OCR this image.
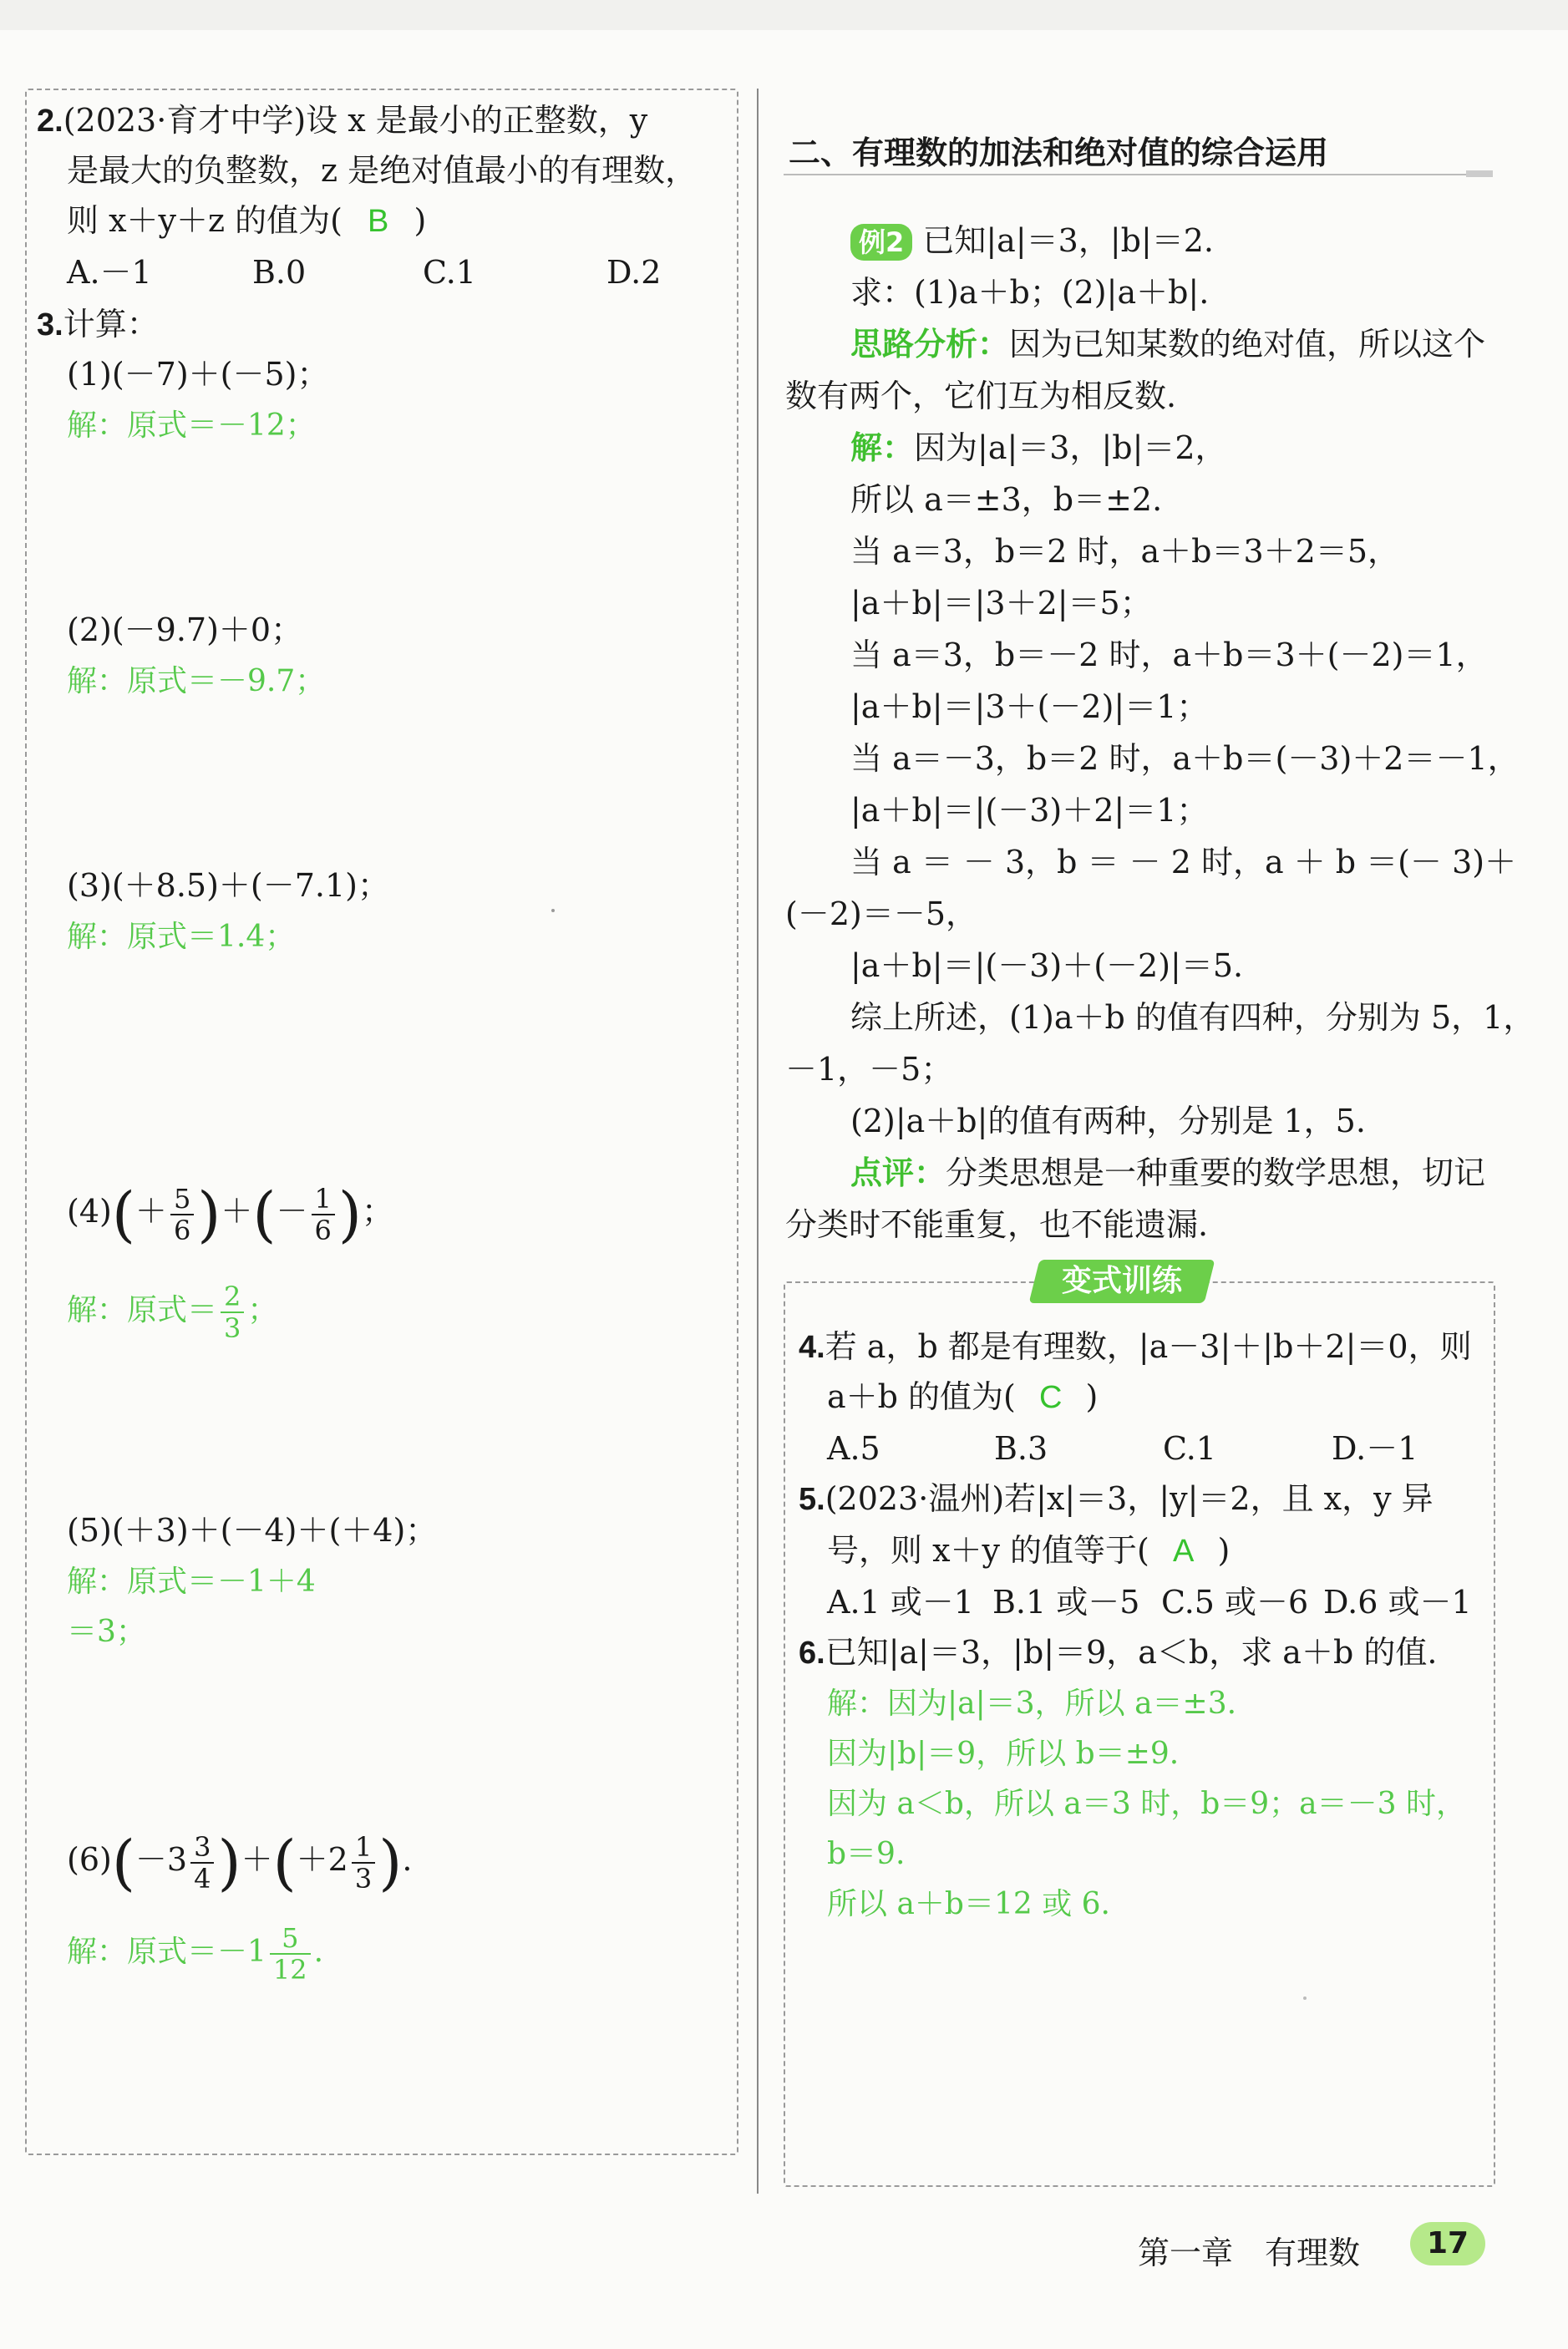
2.(2023·育才中学)设 x 是最小的正整数，y
是最大的负整数，z 是绝对值最小的有理数，
则 x＋y＋z 的值为( B )
A.－1	B.0	C.1	D.2
3.计算：
(1)(－7)＋(－5)；
解：原式＝－12；
(2)(－9.7)＋0；
解：原式＝－9.7；
(3)(＋8.5)＋(－7.1)；
解：原式＝1.4；
$(4)(+ \frac{5}{6}$ )＋(－ $\frac{1}{6}$ )；
解：原式＝ $\frac{2}{3}$ ；
(5)(＋3)＋(－4)＋(＋4)；
解：原式＝－1＋4
＝3；
$(6)(-3 \frac{3}{4} )+(+2 \frac{1}{3}$ ).
解：原式$=-1 \frac{5}{12}$ .
二、有理数的加法和绝对值的综合运用
例2 已知|a|＝3，|b|＝2.
求：(1)a＋b；(2)|a＋b|.
思路分析：因为已知某数的绝对值，所以这个
数有两个，它们互为相反数.
解：因为|a|＝3，|b|＝2，
所以 a＝±3，b＝±2.
当 a＝3，b＝2 时，a＋b＝3＋2＝5，
|a＋b|＝|3＋2|＝5；
当 a＝3，b＝－2 时，a＋b＝3＋(－2)＝1，
|a＋b|＝|3＋(－2)|＝1；
当 a＝－3，b＝2 时，a＋b＝(－3)＋2＝－1，
|a＋b|＝|(－3)＋2|＝1；
当 a ＝ － 3，b ＝ － 2 时，a ＋ b ＝(－ 3)＋
(－2)＝－5，
|a＋b|＝|(－3)＋(－2)|＝5.
综上所述，(1)a＋b 的值有四种，分别为 5，1，
－1，－5；
(2)|a＋b|的值有两种，分别是 1，5.
点评：分类思想是一种重要的数学思想，切记
分类时不能重复，也不能遗漏.
变式训练
4.若 a，b 都是有理数，|a－3|＋|b＋2|＝0，则
a＋b 的值为( C )
A.5	B.3	C.1	D.－1
5.(2023·温州)若|x|＝3，|y|＝2，且 x，y 异
号，则 x＋y 的值等于( A )
A.1 或－1 B.1 或－5 C.5 或－6 D.6 或－1
6.已知|a|＝3，|b|＝9，a＜b，求 a＋b 的值.
解：因为|a|＝3，所以 a＝±3.
因为|b|＝9，所以 b＝±9.
因为 a＜b，所以 a＝3 时，b＝9；a＝－3 时，
b＝9.
所以 a＋b＝12 或 6.
第一章　有理数	17
